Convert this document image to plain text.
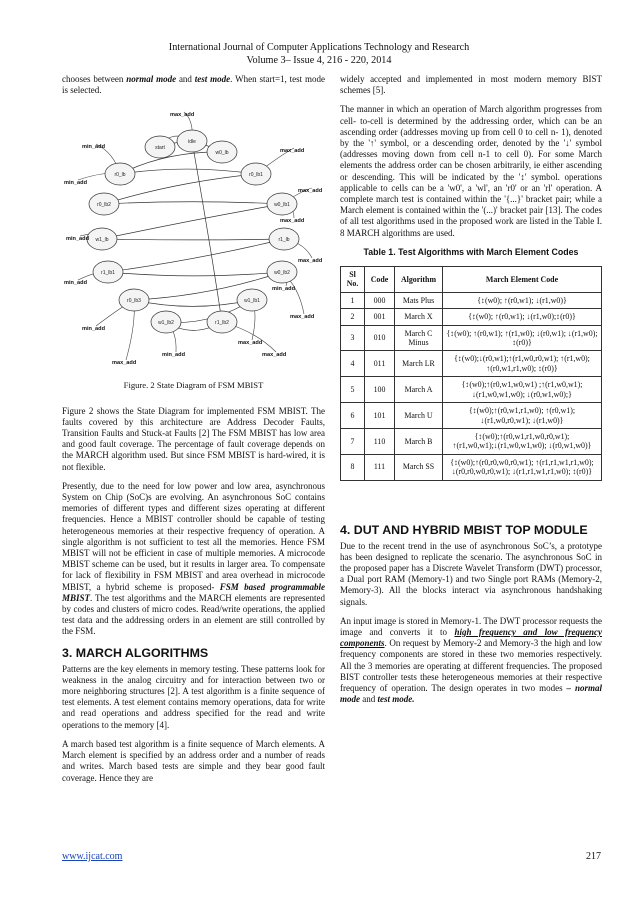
International Journal of Computer Applications Technology and Research
Volume 3– Issue 4, 216 - 220, 2014

chooses between normal mode and test mode. When start=1, test mode is selected.

idle
start
w0_lb
r0_lb	r0_lb1
r0_lb2	w0_lb1
w1_lb	r1_lb
r1_lb1	w0_lb2
r0_lb3	w1_lb1
w1_lb2	r1_lb2
max_add
min_add
max_add
min_add
max_add
max_add
min_add
max_add
min_add
min_add
max_add
min_add
min_add
max_add
max_add
max_add
Figure. 2 State Diagram of FSM MBIST

Figure 2 shows the State Diagram for implemented FSM MBIST. The faults covered by this architecture are Address Decoder Faults, Transition Faults and Stuck-at Faults [2] The FSM MBIST has low area and good fault coverage. The percentage of fault coverage depends on the MARCH algorithm used. But since FSM MBIST is hard-wired, it is not flexible.

Presently, due to the need for low power and low area, asynchronous System on Chip (SoC)s are evolving. An asynchronous SoC contains memories of different types and different sizes operating at different frequencies. Hence a MBIST controller should be capable of testing heterogeneous memories at their respective frequency of operation. A single algorithm is not sufficient to test all the memories. Hence FSM MBIST will not be efficient in case of multiple memories. A microcode MBIST scheme can be used, but it results in larger area. To compensate for lack of flexibility in FSM MBIST and area overhead in microcode MBIST, a hybrid scheme is proposed- FSM based programmable MBIST. The test algorithms and the MARCH elements are represented by codes and clusters of micro codes. Read/write operations, the applied test data and the addressing orders in an element are still controlled by the FSM.

3. MARCH ALGORITHMS

Patterns are the key elements in memory testing. These patterns look for weakness in the analog circuitry and for interaction between two or more neighboring structures [2]. A test algorithm is a finite sequence of test elements. A test element contains memory operations, data for write and read operations and address specified for the read and write operations to the memory [4].

A march based test algorithm is a finite sequence of March elements. A March element is specified by an address order and a number of reads and writes. March based tests are simple and they bear good fault coverage. Hence they are

widely accepted and implemented in most modern memory BIST schemes [5].

The manner in which an operation of March algorithm progresses from cell- to-cell is determined by the addressing order, which can be an ascending order (addresses moving up from cell 0 to cell n- 1), denoted by the '↑' symbol, or a descending order, denoted by the '↓' symbol (addresses moving down from cell n-1 to cell 0). For some March elements the address order can be chosen arbitrarily, ie either ascending or descending. This will be indicated by the '↕' symbol. operations applicable to cells can be a 'w0', a 'wl', an 'r0' or an 'rl' operation. A complete march test is contained within the '{...}' bracket pair; while a March element is contained within the '(...)' bracket pair [13]. The codes of all test algorithms used in the proposed work are listed in the Table I. 8 MARCH algorithms are used.

Table 1. Test Algorithms with March Element Codes
Sl No.	Code	Algorithm	March Element Code
1	000	Mats Plus	{↕(w0); ↑(r0,w1); ↓(r1,w0)}
2	001	March X	{↕(w0); ↑(r0,w1); ↓(r1,w0);↕(r0)}
3	010	March C Minus	{↕(w0); ↑(r0,w1); ↑(r1,w0); ↓(r0,w1); ↓(r1,w0); ↕(r0)}
4	011	March LR	{↕(w0);↓(r0,w1);↑(r1,w0,r0,w1); ↑(r1,w0); ↑(r0,w1,r1,w0); ↕(r0)}
5	100	March A	{↕(w0);↑(r0,w1,w0,w1) ;↑(r1,w0,w1); ↓(r1,w0,w1,w0); ↓(r0,w1,w0);}
6	101	March U	{↕(w0);↑(r0,w1,r1,w0); ↑(r0,w1); ↓(r1,w0,r0,w1); ↓(r1,w0)}
7	110	March B	{↕(w0);↑(r0,w1,r1,w0,r0,w1); ↑(r1,w0,w1);↓(r1,w0,w1,w0); ↓(r0,w1,w0)}
8	111	March SS	{↕(w0);↑(r0,r0,w0,r0,w1); ↑(r1,r1,w1,r1,w0); ↓(r0,r0,w0,r0,w1); ↓(r1,r1,w1,r1,w0); ↕(r0)}
4. DUT AND HYBRID MBIST TOP MODULE

Due to the recent trend in the use of asynchronous SoC’s, a prototype has been designed to replicate the scenario. The asynchronous SoC in the proposed paper has a Discrete Wavelet Transform (DWT) processor, a Dual port RAM (Memory-1) and two Single port RAMs (Memory-2, Memory-3). All the blocks interact via asynchronous handshaking signals.

An input image is stored in Memory-1. The DWT processor requests the image and converts it to high frequency and low frequency components. On request by Memory-2 and Memory-3 the high and low frequency components are stored in these two memories respectively. All the 3 memories are operating at different frequencies. The proposed BIST controller tests these heterogeneous memories at their respective frequency of operation. The design operates in two modes – normal mode and test mode.

www.ijcat.com	217
